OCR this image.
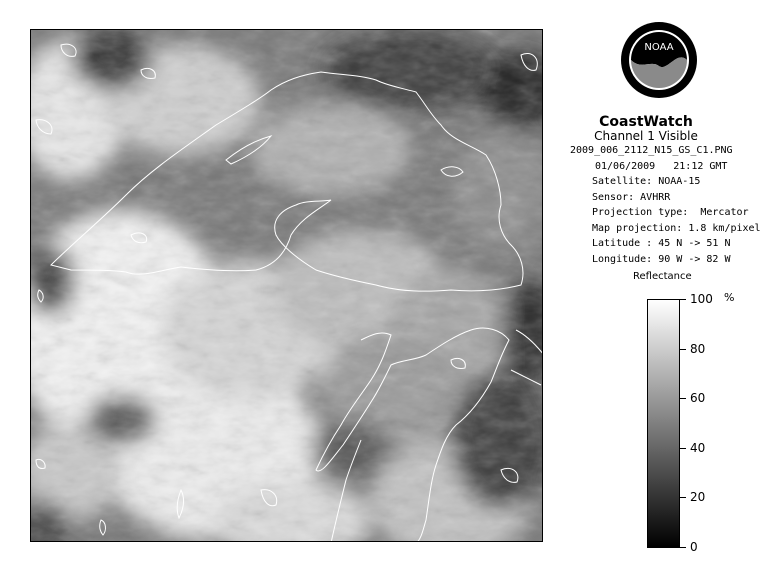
NOAA
CoastWatch
Channel 1 Visible
2009_006_2112_N15_GS_C1.PNG
01/06/2009   21:12 GMT
Satellite: NOAA-15
Sensor: AVHRR
Projection type:  Mercator
Map projection: 1.8 km/pixel
Latitude : 45 N -> 51 N
Longitude: 90 W -> 82 W
Reflectance
%
100
80
60
40
20
0
